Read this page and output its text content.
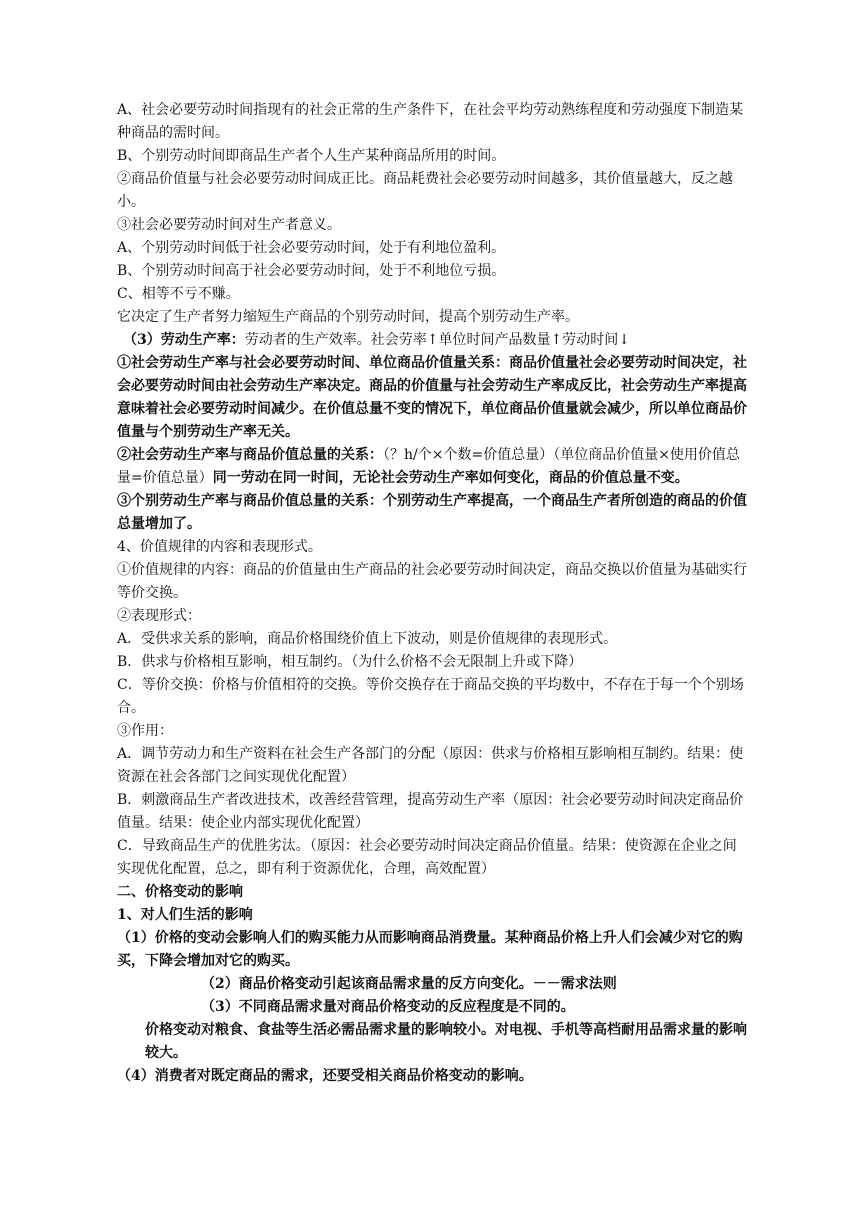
A、社会必要劳动时间指现有的社会正常的生产条件下，在社会平均劳动熟练程度和劳动强度下制造某种商品的需时间。

B、个别劳动时间即商品生产者个人生产某种商品所用的时间。

②商品价值量与社会必要劳动时间成正比。商品耗费社会必要劳动时间越多，其价值量越大，反之越小。

③社会必要劳动时间对生产者意义。

A、个别劳动时间低于社会必要劳动时间，处于有利地位盈利。

B、个别劳动时间高于社会必要劳动时间，处于不利地位亏损。

C、相等不亏不赚。

它决定了生产者努力缩短生产商品的个别劳动时间，提高个别劳动生产率。

（3）劳动生产率：劳动者的生产效率。社会劳率↑单位时间产品数量↑劳动时间↓

①社会劳动生产率与社会必要劳动时间、单位商品价值量关系：商品价值量社会必要劳动时间决定，社会必要劳动时间由社会劳动生产率决定。商品的价值量与社会劳动生产率成反比，社会劳动生产率提高意味着社会必要劳动时间减少。在价值总量不变的情况下，单位商品价值量就会减少，所以单位商品价值量与个别劳动生产率无关。

②社会劳动生产率与商品价值总量的关系：（？h/个×个数=价值总量）（单位商品价值量×使用价值总量=价值总量）同一劳动在同一时间，无论社会劳动生产率如何变化，商品的价值总量不变。

③个别劳动生产率与商品价值总量的关系：个别劳动生产率提高，一个商品生产者所创造的商品的价值总量增加了。

4、价值规律的内容和表现形式。

①价值规律的内容：商品的价值量由生产商品的社会必要劳动时间决定，商品交换以价值量为基础实行等价交换。

②表现形式：

A．受供求关系的影响，商品价格围绕价值上下波动，则是价值规律的表现形式。

B．供求与价格相互影响，相互制约。（为什么价格不会无限制上升或下降）

C．等价交换：价格与价值相符的交换。等价交换存在于商品交换的平均数中，不存在于每一个个别场合。

③作用：

A．调节劳动力和生产资料在社会生产各部门的分配（原因：供求与价格相互影响相互制约。结果：使资源在社会各部门之间实现优化配置）

B．刺激商品生产者改进技术，改善经营管理，提高劳动生产率（原因：社会必要劳动时间决定商品价值量。结果：使企业内部实现优化配置）

C．导致商品生产的优胜劣汰。（原因：社会必要劳动时间决定商品价值量。结果：使资源在企业之间实现优化配置，总之，即有利于资源优化，合理，高效配置）

二、价格变动的影响

1、对人们生活的影响

（1）价格的变动会影响人们的购买能力从而影响商品消费量。某种商品价格上升人们会减少对它的购买，下降会增加对它的购买。

（2）商品价格变动引起该商品需求量的反方向变化。－－需求法则

（3）不同商品需求量对商品价格变动的反应程度是不同的。

价格变动对粮食、食盐等生活必需品需求量的影响较小。对电视、手机等高档耐用品需求量的影响较大。

（4）消费者对既定商品的需求，还要受相关商品价格变动的影响。
